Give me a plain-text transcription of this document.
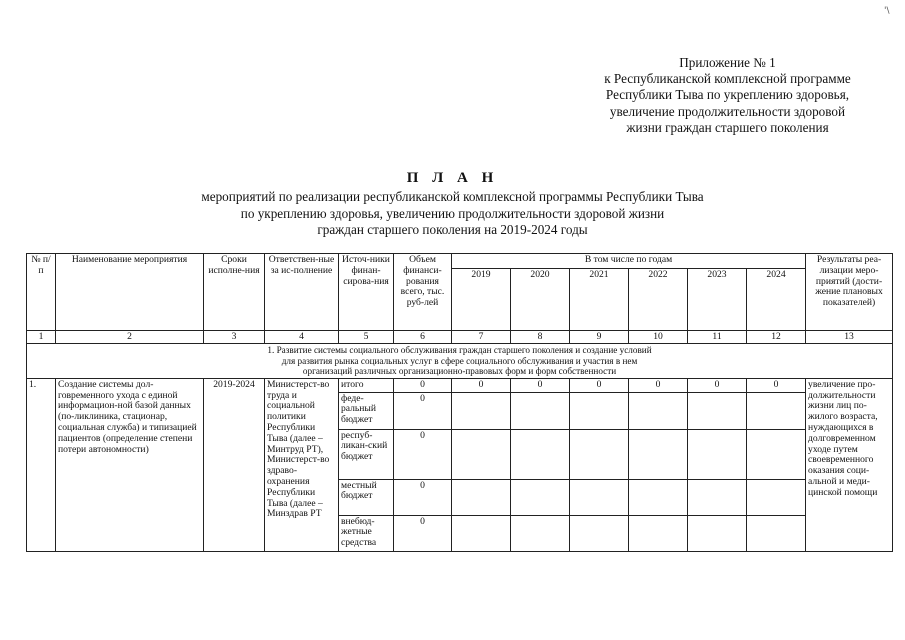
'\
Приложение № 1
к Республиканской комплексной программе
Республики Тыва по укреплению здоровья,
увеличение продолжительности здоровой
жизни граждан старшего поколения
П Л А Н
мероприятий по реализации республиканской комплексной программы Республики Тыва
по укреплению здоровья, увеличению продолжительности здоровой жизни
граждан старшего поколения на 2019-2024 годы
№ п/п	Наименование мероприятия	Сроки исполне-ния	Ответствен-ные за ис-полнение	Источ-ники финан-сирова-ния	Объем финанси-рования всего, тыс. руб-лей	В том числе по годам						Результаты реа-лизации меро-приятий (дости-жение плановых показателей)
						2019	2020	2021	2022	2023	2024	
1	2	3	4	5	6	7	8	9	10	11	12	13

1. Развитие системы социального обслуживания граждан старшего поколения и создание условий
для развития рынка социальных услуг в сфере социального обслуживания и участия в нем
организаций различных организационно-правовых форм и форм собственности												

1.	Создание системы дол-говременного ухода с единой информацион-ной базой данных (по-ликлиника, стационар, социальная служба) и типизацией пациентов (определение степени потери автономности)	2019-2024	Министерст-во труда и социальной политики Республики Тыва (далее – Минтруд РТ), Министерст-во здраво-охранения Республики Тыва (далее – Минздрав РТ	итого	0	0	0	0	0	0	0	увеличение про-должительности жизни лиц по-жилого возраста, нуждающихся в долговременном уходе путем своевременного оказания соци-альной и меди-цинской помощи
				феде-ральный бюджет	0							
				респуб-ликан-ский бюджет	0							
				местный бюджет	0							
				внебюд-жетные средства	0							
